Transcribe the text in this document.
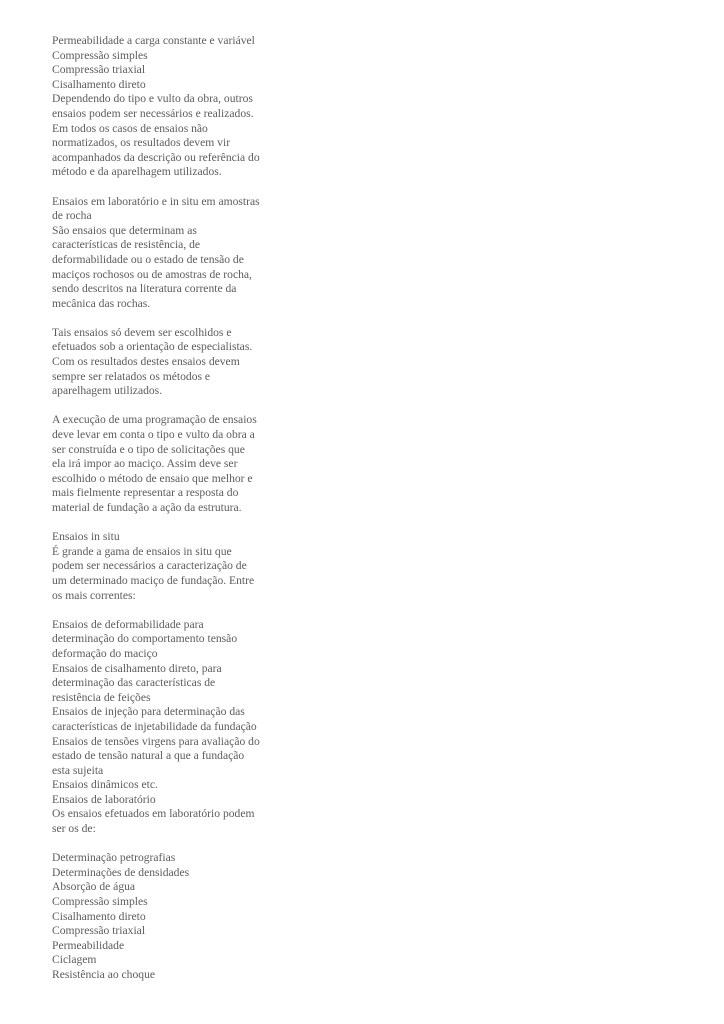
Permeabilidade a carga constante e variável
Compressão simples
Compressão triaxial
Cisalhamento direto
Dependendo do tipo e vulto da obra, outros
ensaios podem ser necessários e realizados.
Em todos os casos de ensaios não
normatizados, os resultados devem vir
acompanhados da descrição ou referência do
método e da aparelhagem utilizados.
Ensaios em laboratório e in situ em amostras
de rocha
São ensaios que determinam as
características de resistência, de
deformabilidade ou o estado de tensão de
maciços rochosos ou de amostras de rocha,
sendo descritos na literatura corrente da
mecânica das rochas.
Tais ensaios só devem ser escolhidos e
efetuados sob a orientação de especialistas.
Com os resultados destes ensaios devem
sempre ser relatados os métodos e
aparelhagem utilizados.
A execução de uma programação de ensaios
deve levar em conta o tipo e vulto da obra a
ser construída e o tipo de solicitações que
ela irá impor ao maciço. Assim deve ser
escolhido o método de ensaio que melhor e
mais fielmente representar a resposta do
material de fundação a ação da estrutura.
Ensaios in situ
É grande a gama de ensaios in situ que
podem ser necessários a caracterização de
um determinado maciço de fundação. Entre
os mais correntes:
Ensaios de deformabilidade para
determinação do comportamento tensão
deformação do maciço
Ensaios de cisalhamento direto, para
determinação das características de
resistência de feições
Ensaios de injeção para determinação das
características de injetabilidade da fundação
Ensaios de tensões virgens para avaliação do
estado de tensão natural a que a fundação
esta sujeita
Ensaios dinâmicos etc.
Ensaios de laboratório
Os ensaios efetuados em laboratório podem
ser os de:
Determinação petrografias
Determinações de densidades
Absorção de água
Compressão simples
Cisalhamento direto
Compressão triaxial
Permeabilidade
Ciclagem
Resistência ao choque
